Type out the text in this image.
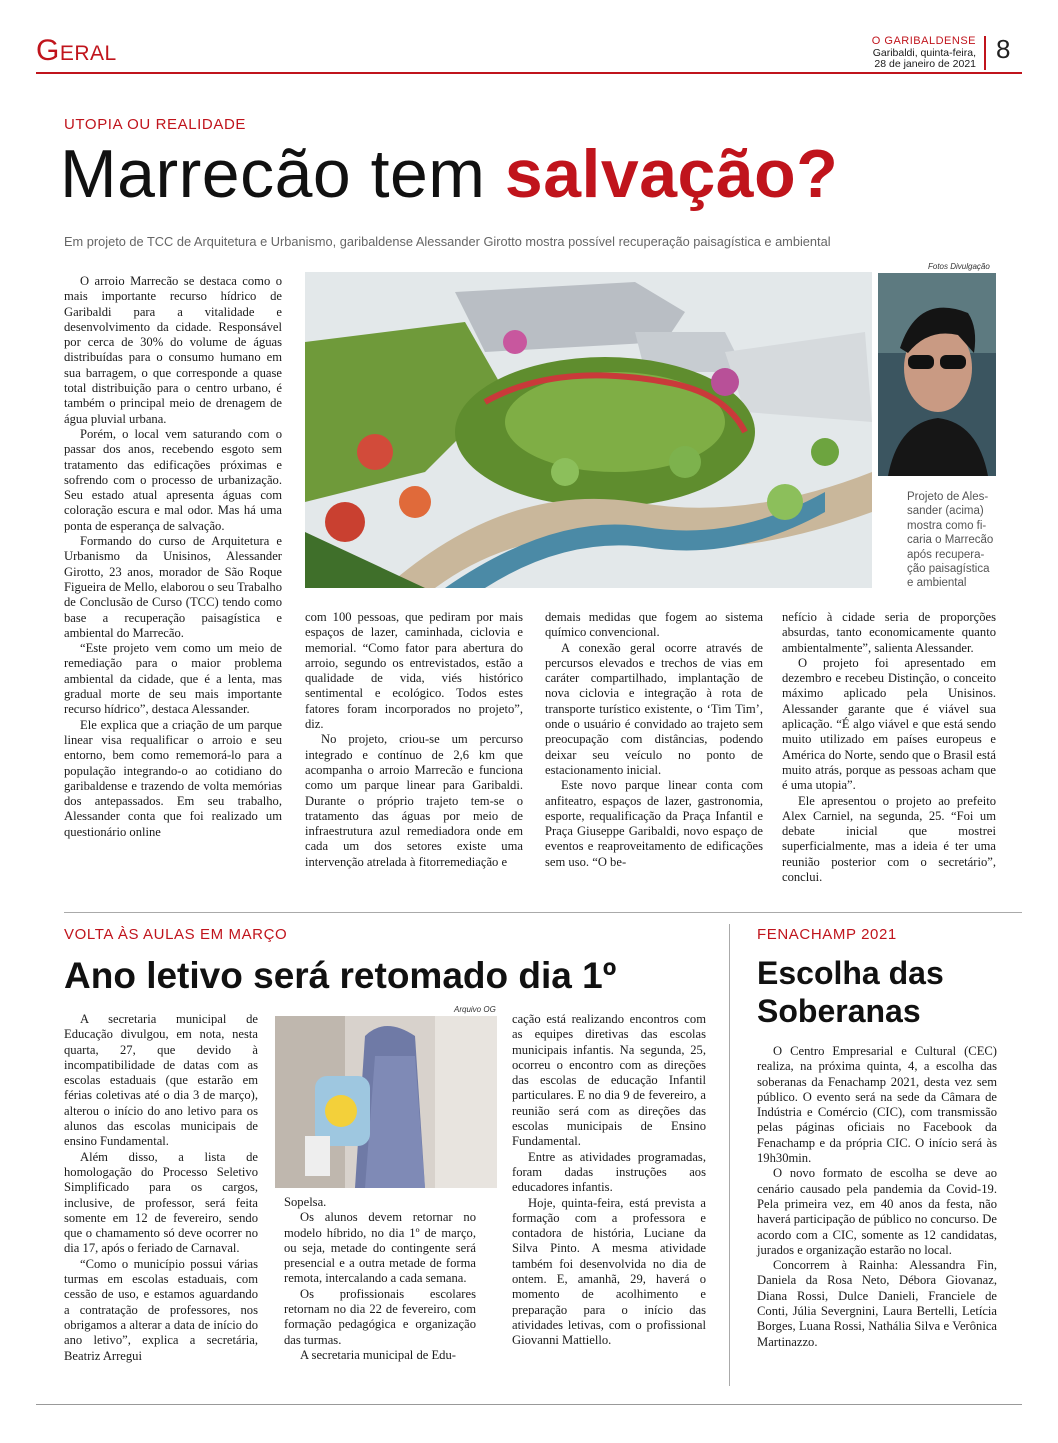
Geral	O GARIBALDENSE
Garibaldi, quinta-feira,
28 de janeiro de 2021 8
UTOPIA OU REALIDADE
Marrecão tem salvação?
Em projeto de TCC de Arquitetura e Urbanismo, garibaldense Alessander Girotto mostra possível recuperação paisagística e ambiental
Fotos Divulgação
Projeto de Ales-
sander (acima)
mostra como fi-
caria o Marrecão
após recupera-
ção paisagística
e ambiental

O arroio Marrecão se destaca como o mais importante recurso hídrico de Garibaldi para a vitalidade e desenvolvimento da cidade. Responsável por cerca de 30% do volume de águas distribuídas para o consumo humano em sua barragem, o que corresponde a quase total distribuição para o centro urbano, é também o principal meio de drenagem de água pluvial urbana.

Porém, o local vem saturando com o passar dos anos, recebendo esgoto sem tratamento das edificações próximas e sofrendo com o processo de urbanização. Seu estado atual apresenta águas com coloração escura e mal odor. Mas há uma ponta de esperança de salvação.

Formando do curso de Arquitetura e Urbanismo da Unisinos, Alessander Girotto, 23 anos, morador de São Roque Figueira de Mello, elaborou o seu Trabalho de Conclusão de Curso (TCC) tendo como base a recuperação paisagística e ambiental do Marrecão.

“Este projeto vem como um meio de remediação para o maior problema ambiental da cidade, que é a lenta, mas gradual morte de seu mais importante recurso hídrico”, destaca Alessander.

Ele explica que a criação de um parque linear visa requalificar o arroio e seu entorno, bem como rememorá-lo para a população integrando-o ao cotidiano do garibaldense e trazendo de volta memórias dos antepassados. Em seu trabalho, Alessander conta que foi realizado um questionário online

com 100 pessoas, que pediram por mais espaços de lazer, caminhada, ciclovia e memorial. “Como fator para abertura do arroio, segundo os entrevistados, estão a qualidade de vida, viés histórico sentimental e ecológico. Todos estes fatores foram incorporados no projeto”, diz.

No projeto, criou-se um percurso integrado e contínuo de 2,6 km que acompanha o arroio Marrecão e funciona como um parque linear para Garibaldi. Durante o próprio trajeto tem-se o tratamento das águas por meio de infraestrutura azul remediadora onde em cada um dos setores existe uma intervenção atrelada à fitorremediação e

demais medidas que fogem ao sistema químico convencional.

A conexão geral ocorre através de percursos elevados e trechos de vias em caráter compartilhado, implantação de nova ciclovia e integração à rota de transporte turístico existente, o ‘Tim Tim’, onde o usuário é convidado ao trajeto sem preocupação com distâncias, podendo deixar seu veículo no ponto de estacionamento inicial.

Este novo parque linear conta com anfiteatro, espaços de lazer, gastronomia, esporte, requalificação da Praça Infantil e Praça Giuseppe Garibaldi, novo espaço de eventos e reaproveitamento de edificações sem uso. “O be-

nefício à cidade seria de proporções absurdas, tanto economicamente quanto ambientalmente”, salienta Alessander.

O projeto foi apresentado em dezembro e recebeu Distinção, o conceito máximo aplicado pela Unisinos. Alessander garante que é viável sua aplicação. “É algo viável e que está sendo muito utilizado em países europeus e América do Norte, sendo que o Brasil está muito atrás, porque as pessoas acham que é uma utopia”.

Ele apresentou o projeto ao prefeito Alex Carniel, na segunda, 25. “Foi um debate inicial que mostrei superficialmente, mas a ideia é ter uma reunião posterior com o secretário”, conclui.

VOLTA ÀS AULAS EM MARÇO
Ano letivo será retomado dia 1º
Arquivo OG

A secretaria municipal de Educação divulgou, em nota, nesta quarta, 27, que devido à incompatibilidade de datas com as escolas estaduais (que estarão em férias coletivas até o dia 3 de março), alterou o início do ano letivo para os alunos das escolas municipais de ensino Fundamental.

Além disso, a lista de homologação do Processo Seletivo Simplificado para os cargos, inclusive, de professor, será feita somente em 12 de fevereiro, sendo que o chamamento só deve ocorrer no dia 17, após o feriado de Carnaval.

“Como o município possui várias turmas em escolas estaduais, com cessão de uso, e estamos aguardando a contratação de professores, nos obrigamos a alterar a data de início do ano letivo”, explica a secretária, Beatriz Arregui

Sopelsa.

Os alunos devem retornar no modelo híbrido, no dia 1º de março, ou seja, metade do contingente será presencial e a outra metade de forma remota, intercalando a cada semana.

Os profissionais escolares retornam no dia 22 de fevereiro, com formação pedagógica e organização das turmas.

A secretaria municipal de Edu-

cação está realizando encontros com as equipes diretivas das escolas municipais infantis. Na segunda, 25, ocorreu o encontro com as direções das escolas de educação Infantil particulares. E no dia 9 de fevereiro, a reunião será com as direções das escolas municipais de Ensino Fundamental.

Entre as atividades programadas, foram dadas instruções aos educadores infantis.

Hoje, quinta-feira, está prevista a formação com a professora e contadora de história, Luciane da Silva Pinto. A mesma atividade também foi desenvolvida no dia de ontem. E, amanhã, 29, haverá o momento de acolhimento e preparação para o início das atividades letivas, com o profissional Giovanni Mattiello.

FENACHAMP 2021
Escolha das
Soberanas

O Centro Empresarial e Cultural (CEC) realiza, na próxima quinta, 4, a escolha das soberanas da Fenachamp 2021, desta vez sem público. O evento será na sede da Câmara de Indústria e Comércio (CIC), com transmissão pelas páginas oficiais no Facebook da Fenachamp e da própria CIC. O início será às 19h30min.

O novo formato de escolha se deve ao cenário causado pela pandemia da Covid-19. Pela primeira vez, em 40 anos da festa, não haverá participação de público no concurso. De acordo com a CIC, somente as 12 candidatas, jurados e organização estarão no local.

Concorrem à Rainha: Alessandra Fin, Daniela da Rosa Neto, Débora Giovanaz, Diana Rossi, Dulce Danieli, Franciele de Conti, Júlia Severgnini, Laura Bertelli, Letícia Borges, Luana Rossi, Nathália Silva e Verônica Martinazzo.
